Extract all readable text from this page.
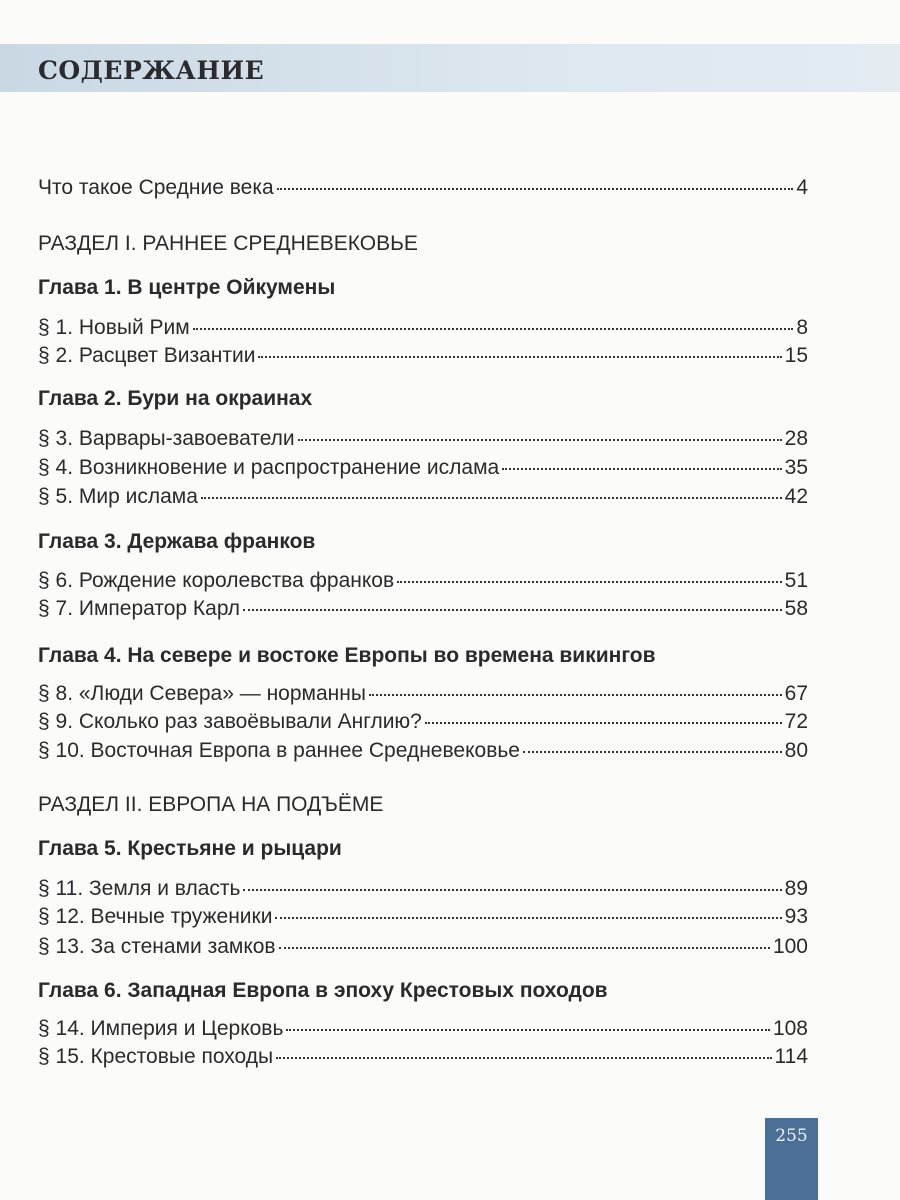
СОДЕРЖАНИЕ
Что такое Средние века	4
РАЗДЕЛ I. РАННЕЕ СРЕДНЕВЕКОВЬЕ
Глава 1. В центре Ойкумены
§ 1. Новый Рим	8
§ 2. Расцвет Византии	15
Глава 2. Бури на окраинах
§ 3. Варвары-завоеватели	28
§ 4. Возникновение и распространение ислама	35
§ 5. Мир ислама	42
Глава 3. Держава франков
§ 6. Рождение королевства франков	51
§ 7. Император Карл	58
Глава 4. На севере и востоке Европы во времена викингов
§ 8. «Люди Севера» — норманны	67
§ 9. Сколько раз завоёвывали Англию?	72
§ 10. Восточная Европа в раннее Средневековье	80
РАЗДЕЛ II. ЕВРОПА НА ПОДЪЁМЕ
Глава 5. Крестьяне и рыцари
§ 11. Земля и власть	89
§ 12. Вечные труженики	93
§ 13. За стенами замков	100
Глава 6. Западная Европа в эпоху Крестовых походов
§ 14. Империя и Церковь	108
§ 15. Крестовые походы	114
255
